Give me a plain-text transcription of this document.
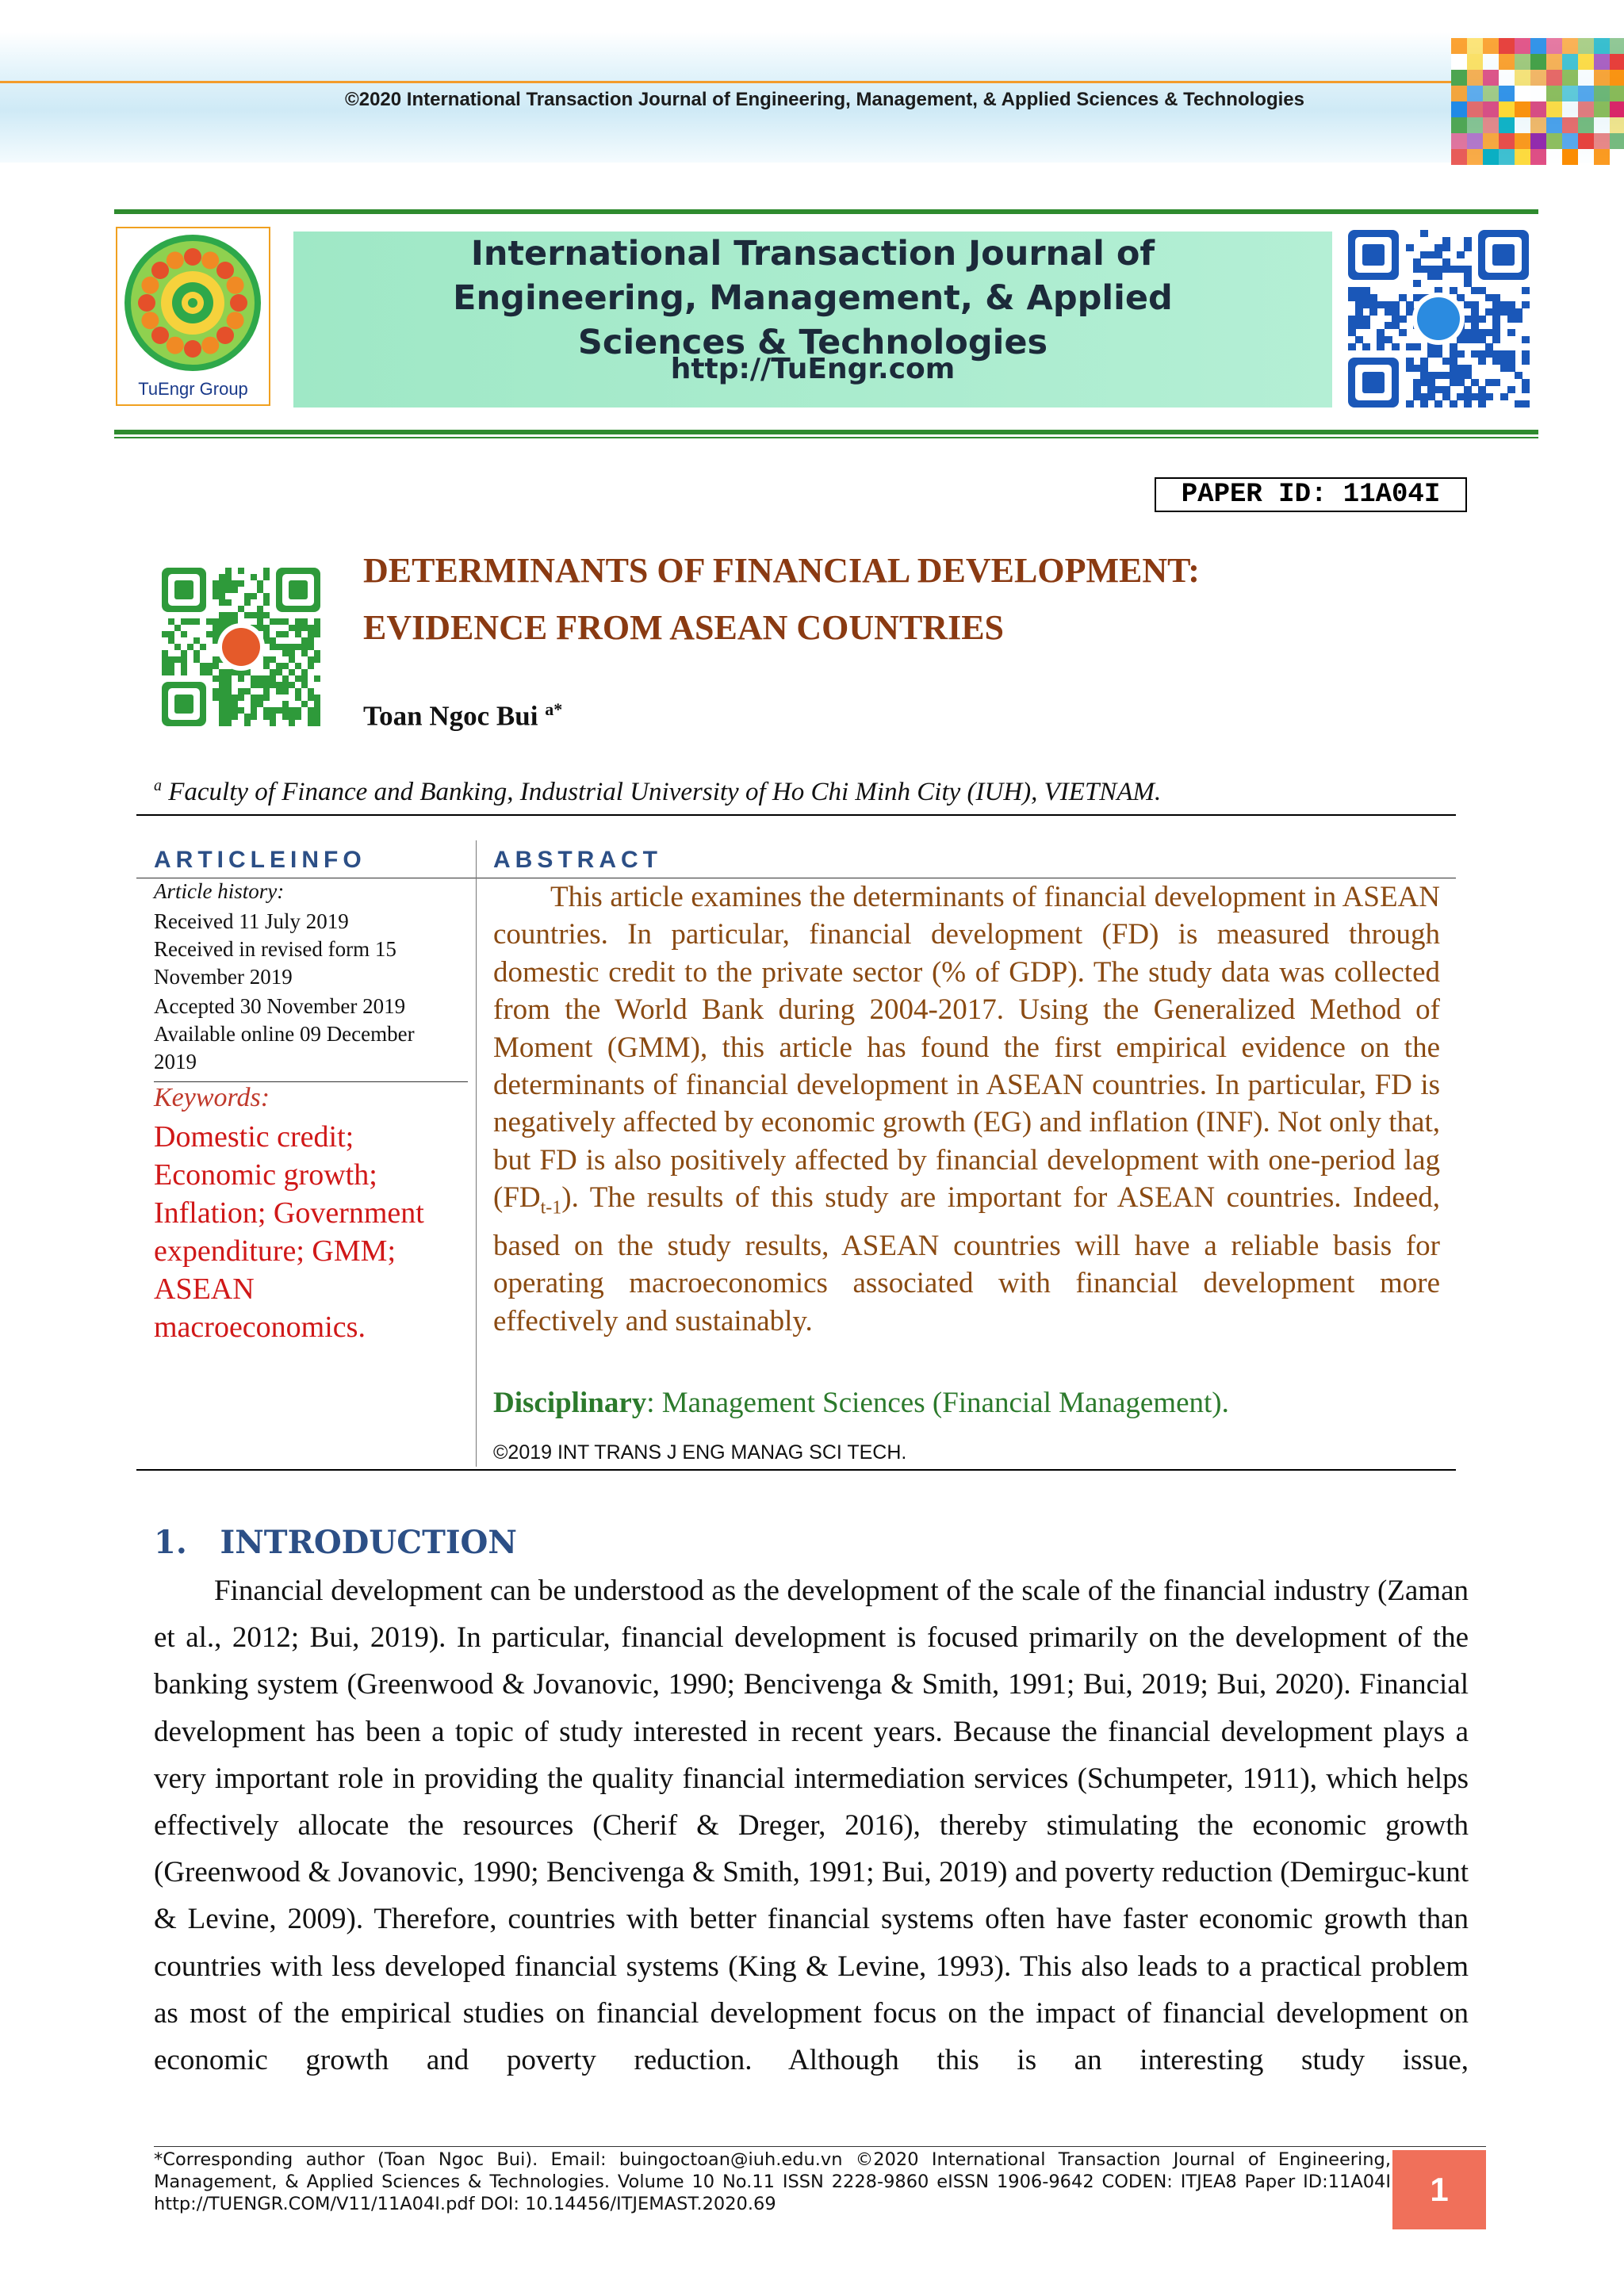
©2020 International Transaction Journal of Engineering, Management, & Applied Sciences & Technologies
TuEngr Group
International Transaction Journal of Engineering, Management, & Applied Sciences & Technologies
http://TuEngr.com
PAPER ID: 11A04I
DETERMINANTS OF FINANCIAL DEVELOPMENT:
EVIDENCE FROM ASEAN COUNTRIES
Toan Ngoc Bui $^{a*}$
$^a$ Faculty of Finance and Banking, Industrial University of Ho Chi Minh City (IUH), VIETNAM.
ARTICLEINFO	ABSTRACT
Article history:
Received 11 July 2019
Received in revised form 15
November 2019
Accepted 30 November 2019
Available online 09 December
2019
Keywords:
Domestic credit; Economic growth; Inflation; Government expenditure; GMM; ASEAN macroeconomics.
This article examines the determinants of financial development in ASEAN countries. In particular, financial development (FD) is measured through domestic credit to the private sector (% of GDP). The study data was collected from the World Bank during 2004-2017. Using the Generalized Method of Moment (GMM), this article has found the first empirical evidence on the determinants of financial development in ASEAN countries. In particular, FD is negatively affected by economic growth (EG) and inflation (INF). Not only that, but FD is also positively affected by financial development with one-period lag $(FD_{t-1})$. The results of this study are important for ASEAN countries. Indeed, based on the study results, ASEAN countries will have a reliable basis for operating macroeconomics associated with financial development more effectively and sustainably.
Disciplinary: Management Sciences (Financial Management).
©2019 INT TRANS J ENG MANAG SCI TECH.
1.   INTRODUCTION
Financial development can be understood as the development of the scale of the financial industry (Zaman et al., 2012; Bui, 2019). In particular, financial development is focused primarily on the development of the banking system (Greenwood & Jovanovic, 1990; Bencivenga & Smith, 1991; Bui, 2019; Bui, 2020). Financial development has been a topic of study interested in recent years. Because the financial development plays a very important role in providing the quality financial intermediation services (Schumpeter, 1911), which helps effectively allocate the resources (Cherif & Dreger, 2016), thereby stimulating the economic growth (Greenwood & Jovanovic, 1990; Bencivenga & Smith, 1991; Bui, 2019) and poverty reduction (Demirguc-kunt & Levine, 2009). Therefore, countries with better financial systems often have faster economic growth than countries with less developed financial systems (King & Levine, 1993). This also leads to a practical problem as most of the empirical studies on financial development focus on the impact of financial development on economic growth and poverty reduction. Although this is an interesting study issue,
*Corresponding author (Toan Ngoc Bui). Email: buingoctoan@iuh.edu.vn ©2020 International Transaction Journal of Engineering, Management, & Applied Sciences & Technologies. Volume 10 No.11 ISSN 2228-9860 eISSN 1906-9642 CODEN: ITJEA8 Paper ID:11A04I http://TUENGR.COM/V11/11A04I.pdf DOI: 10.14456/ITJEMAST.2020.69	1
